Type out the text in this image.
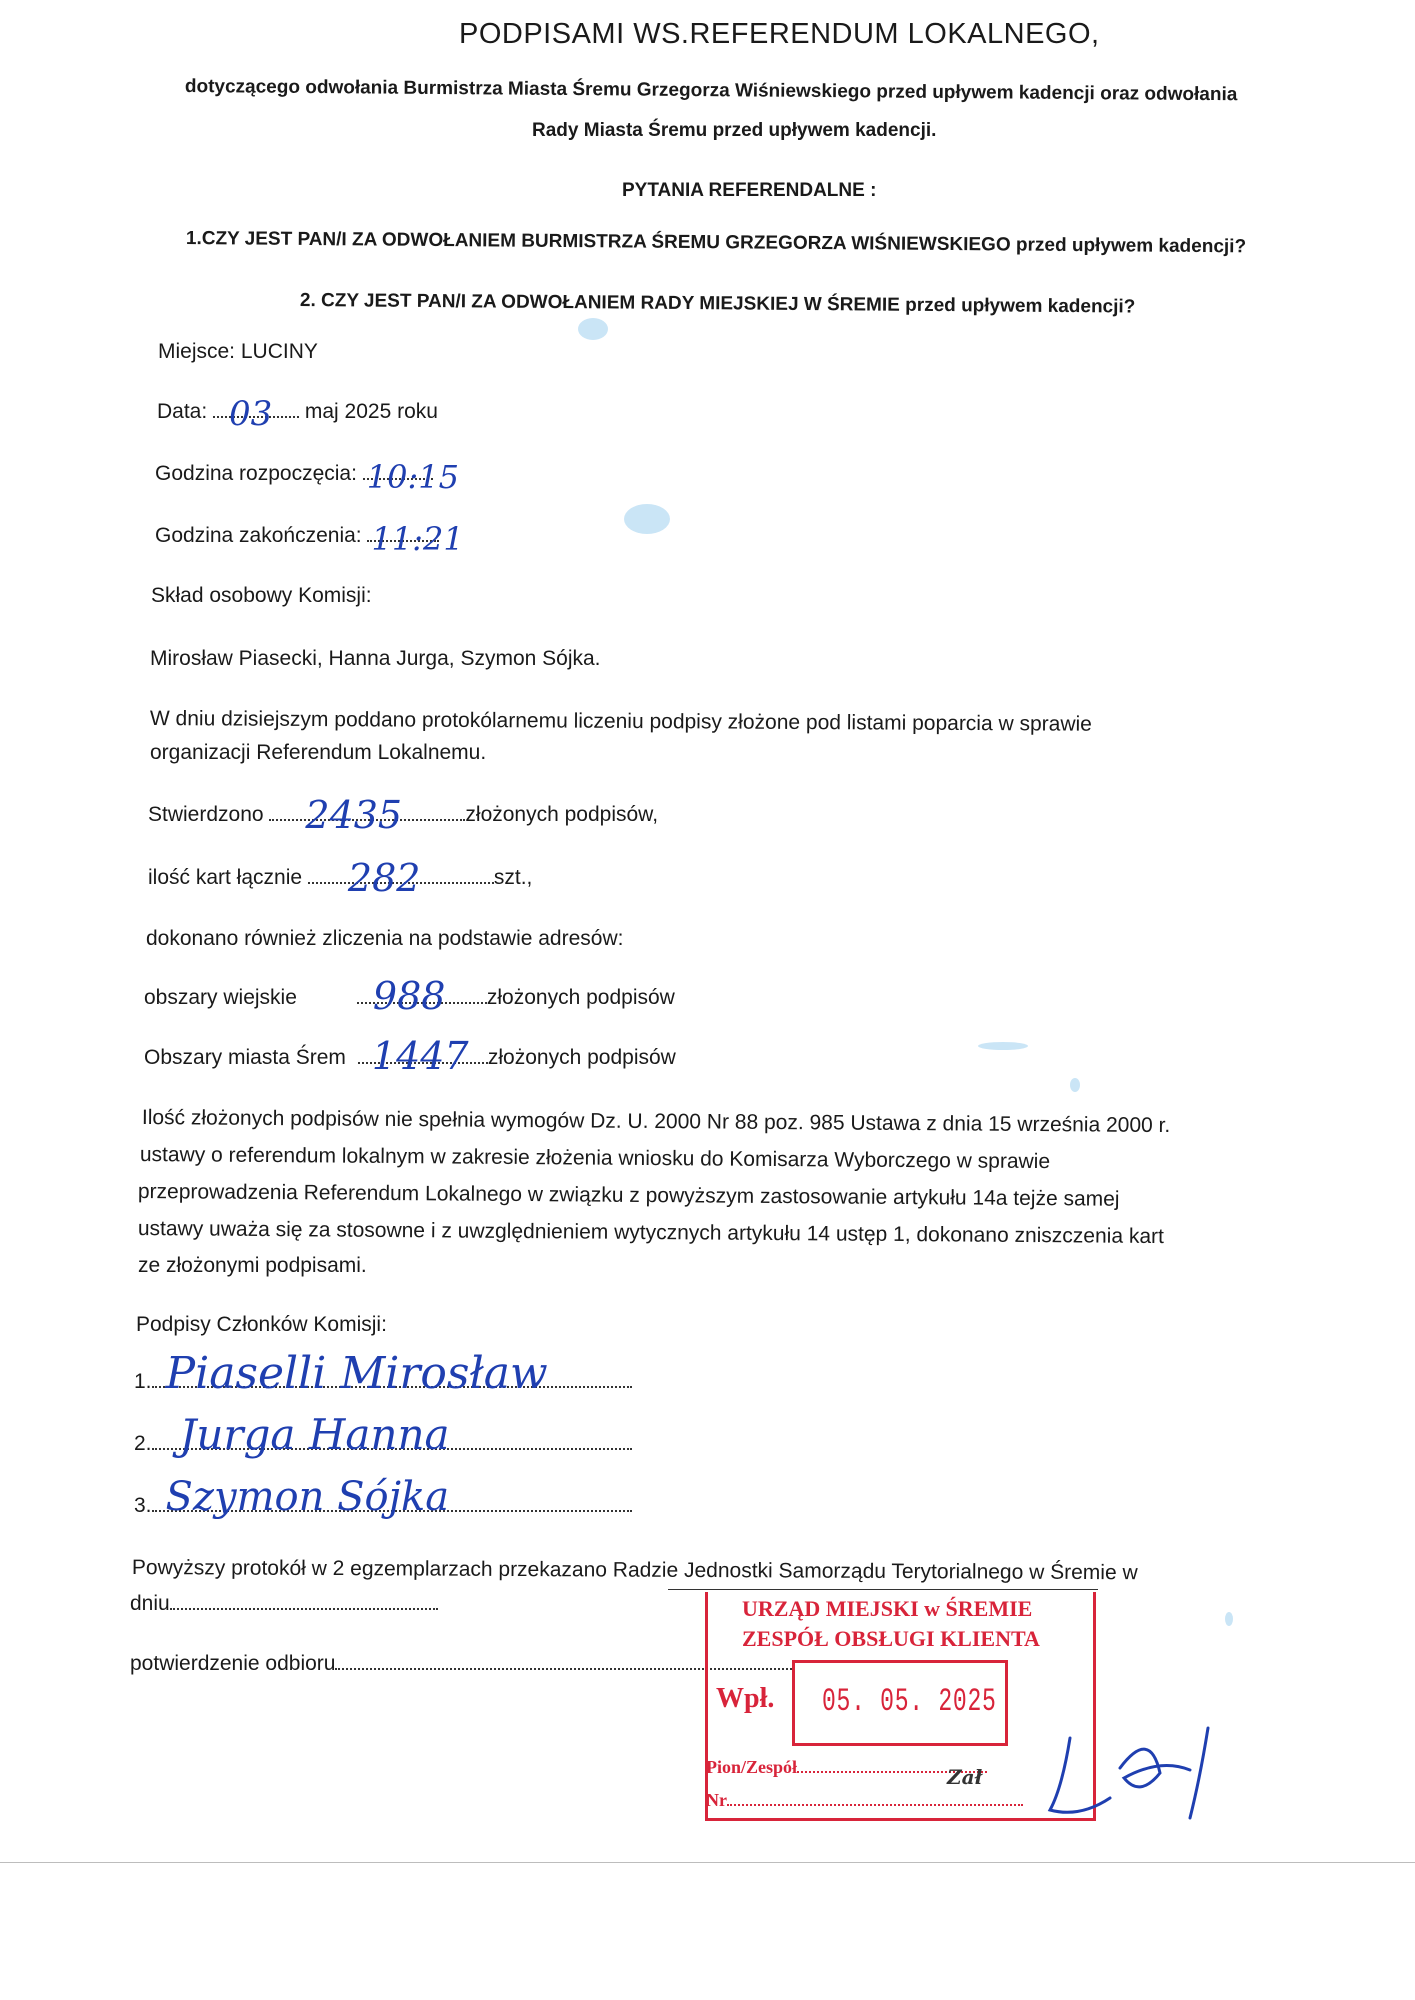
PODPISAMI WS.REFERENDUM LOKALNEGO,
dotyczącego odwołania Burmistrza Miasta Śremu Grzegorza Wiśniewskiego przed upływem kadencji oraz odwołania
Rady Miasta Śremu przed upływem kadencji.
PYTANIA REFERENDALNE :
1.CZY JEST PAN/I ZA ODWOŁANIEM BURMISTRZA ŚREMU GRZEGORZA WIŚNIEWSKIEGO przed upływem kadencji?
2. CZY JEST PAN/I ZA ODWOŁANIEM RADY MIEJSKIEJ W ŚREMIE przed upływem kadencji?
Miejsce: LUCINY
Data: 03 maj 2025 roku
Godzina rozpoczęcia: 10:15
Godzina zakończenia: 11:21
Skład osobowy Komisji:
Mirosław Piasecki, Hanna Jurga, Szymon Sójka.
W dniu dzisiejszym poddano protokólarnemu liczeniu podpisy złożone pod listami poparcia w sprawie
organizacji Referendum Lokalnemu.
Stwierdzono 2435	złożonych podpisów,
ilość kart łącznie 282	szt.,
dokonano również zliczenia na podstawie adresów:
obszary wiejskie 988 złożonych podpisów
Obszary miasta Śrem 1447 złożonych podpisów
Ilość złożonych podpisów nie spełnia wymogów Dz. U. 2000 Nr 88 poz. 985 Ustawa z dnia 15 września 2000 r.
ustawy o referendum lokalnym w zakresie złożenia wniosku do Komisarza Wyborczego w sprawie
przeprowadzenia Referendum Lokalnego w związku z powyższym zastosowanie artykułu 14a tejże samej
ustawy uważa się za stosowne i z uwzględnieniem wytycznych artykułu 14 ustęp 1, dokonano zniszczenia kart
ze złożonymi podpisami.
Podpisy Członków Komisji:
1. Piaselli Mirosław
2. Jurga Hanna
3. Szymon Sójka
Powyższy protokół w 2 egzemplarzach przekazano Radzie Jednostki Samorządu Terytorialnego w Śremie w
dniu
potwierdzenie odbioru
URZĄD MIEJSKI w ŚREMIE
ZESPÓŁ OBSŁUGI KLIENTA
Wpł. 05. 05. 2025
Pion/Zespół	Zał
Nr
